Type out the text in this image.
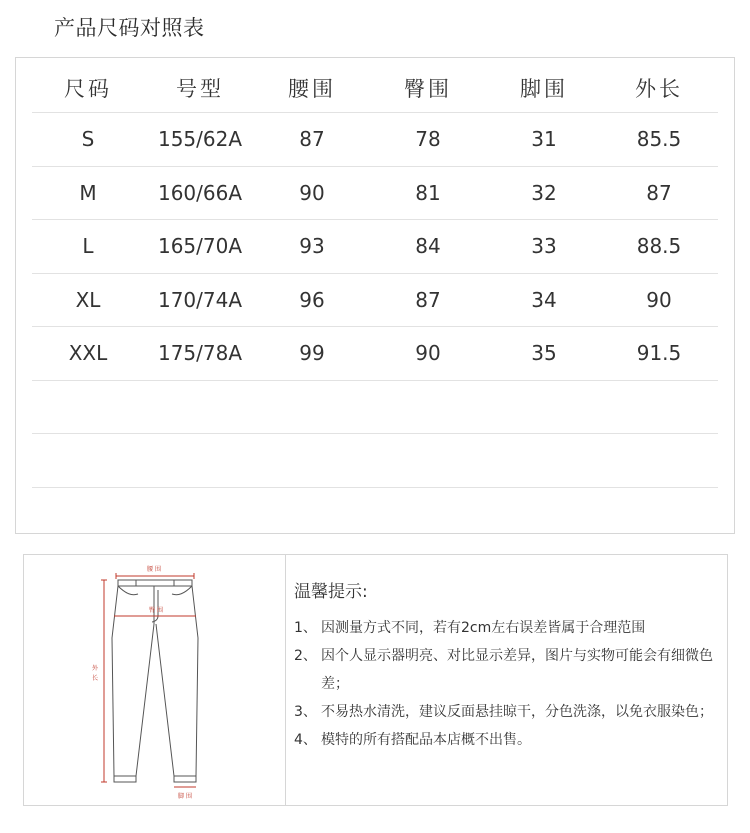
产品尺码对照表
尺码	号型	腰围	臀围	脚围	外长
S	155/62A	87	78	31	85.5
M	160/66A	90	81	32	87
L	165/70A	93	84	33	88.5
XL	170/74A	96	87	34	90
XXL	175/78A	99	90	35	91.5
腰 围
臀 围
外
长
脚 围
温馨提示:
1、 因测量方式不同，若有2cm左右误差皆属于合理范围
2、 因个人显示器明亮、对比显示差异，图片与实物可能会有细微色差；
3、 不易热水清洗，建议反面悬挂晾干，分色洗涤，以免衣服染色；
4、 模特的所有搭配品本店概不出售。
